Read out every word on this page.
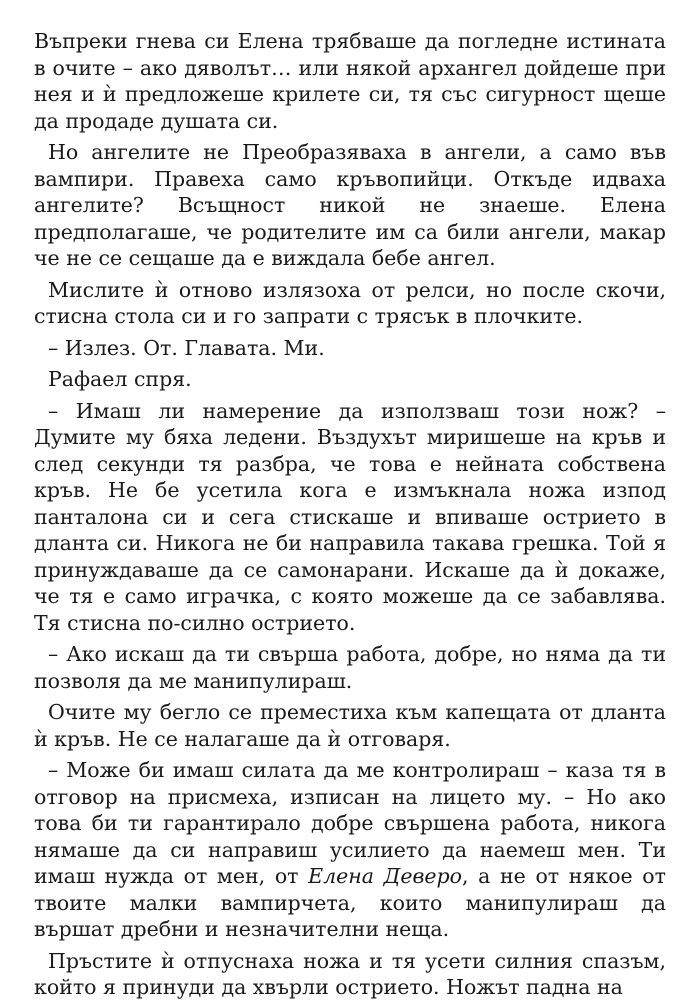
Въпреки гнева си Елена трябваше да погледне истината в очите – ако дяволът… или някой архангел дойдеше при нея и ѝ предложеше крилете си, тя със сигурност щеше да продаде душата си.

Но ангелите не Преобразяваха в ангели, а само във вампири. Правеха само кръвопийци. Откъде идваха ангелите? Всъщност никой не знаеше. Елена предполагаше, че родителите им са били ангели, макар че не се сещаше да е виждала бебе ангел.

Мислите ѝ отново излязоха от релси, но после скочи, стисна стола си и го запрати с трясък в плочките.

– Излез. От. Главата. Ми.

Рафаел спря.

– Имаш ли намерение да използваш този нож? – Думите му бяха ледени. Въздухът миришеше на кръв и след секунди тя разбра, че това е нейната собствена кръв. Не бе усетила кога е измъкнала ножа изпод панталона си и сега стискаше и впиваше острието в дланта си. Никога не би направила такава грешка. Той я принуждаваше да се самонарани. Искаше да ѝ докаже, че тя е само играчка, с която можеше да се забавлява. Тя стисна по-силно острието.

– Ако искаш да ти свърша работа, добре, но няма да ти позволя да ме манипулираш.

Очите му бегло се преместиха към капещата от дланта ѝ кръв. Не се налагаше да ѝ отговаря.

– Може би имаш силата да ме контролираш – каза тя в отговор на присмеха, изписан на лицето му. – Но ако това би ти гарантирало добре свършена работа, никога нямаше да си направиш усилието да наемеш мен. Ти имаш нужда от мен, от Елена Деверо, а не от някое от твоите малки вампирчета, които манипулираш да вършат дребни и незначителни неща.

Пръстите ѝ отпуснаха ножа и тя усети силния спазъм, който я принуди да хвърли острието. Ножът падна на
